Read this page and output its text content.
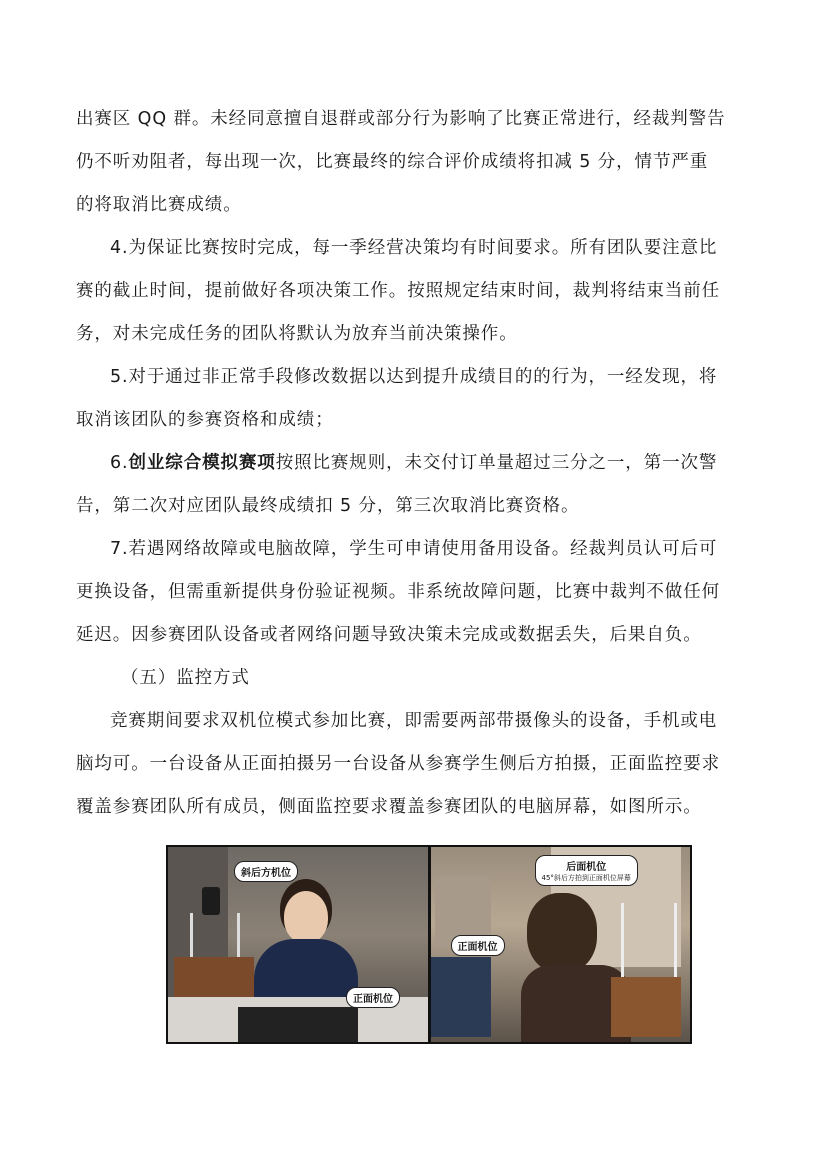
出赛区 QQ 群。未经同意擅自退群或部分行为影响了比赛正常进行，经裁判警告
仍不听劝阻者，每出现一次，比赛最终的综合评价成绩将扣减 5 分，情节严重
的将取消比赛成绩。

4.为保证比赛按时完成，每一季经营决策均有时间要求。所有团队要注意比
赛的截止时间，提前做好各项决策工作。按照规定结束时间，裁判将结束当前任
务，对未完成任务的团队将默认为放弃当前决策操作。

5.对于通过非正常手段修改数据以达到提升成绩目的的行为，一经发现，将
取消该团队的参赛资格和成绩；

6.创业综合模拟赛项按照比赛规则，未交付订单量超过三分之一，第一次警
告，第二次对应团队最终成绩扣 5 分，第三次取消比赛资格。

7.若遇网络故障或电脑故障，学生可申请使用备用设备。经裁判员认可后可
更换设备，但需重新提供身份验证视频。非系统故障问题，比赛中裁判不做任何
延迟。因参赛团队设备或者网络问题导致决策未完成或数据丢失，后果自负。

（五）监控方式

竞赛期间要求双机位模式参加比赛，即需要两部带摄像头的设备，手机或电
脑均可。一台设备从正面拍摄另一台设备从参赛学生侧后方拍摄，正面监控要求
覆盖参赛团队所有成员，侧面监控要求覆盖参赛团队的电脑屏幕，如图所示。

斜后方机位
正面机位
后面机位
45°斜后方拍到正面机位屏幕
正面机位
